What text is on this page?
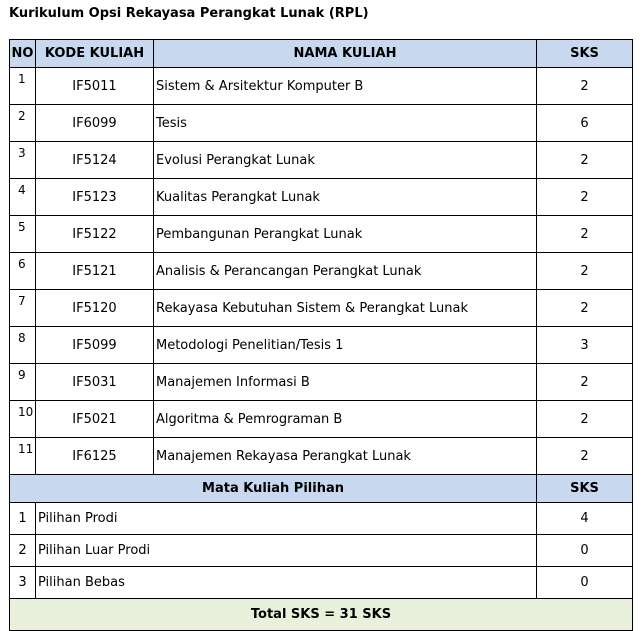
Kurikulum Opsi Rekayasa Perangkat Lunak (RPL)
NO	KODE KULIAH	NAMA KULIAH	SKS
1	IF5011	Sistem & Arsitektur Komputer B	2
2	IF6099	Tesis	6
3	IF5124	Evolusi Perangkat Lunak	2
4	IF5123	Kualitas Perangkat Lunak	2
5	IF5122	Pembangunan Perangkat Lunak	2
6	IF5121	Analisis & Perancangan Perangkat Lunak	2
7	IF5120	Rekayasa Kebutuhan Sistem & Perangkat Lunak	2
8	IF5099	Metodologi Penelitian/Tesis 1	3
9	IF5031	Manajemen Informasi B	2
10	IF5021	Algoritma & Pemrograman B	2
11	IF6125	Manajemen Rekayasa Perangkat Lunak	2
Mata Kuliah Pilihan			SKS
1	Pilihan Prodi		4
2	Pilihan Luar Prodi		0
3	Pilihan Bebas		0
Total SKS = 31 SKS			
